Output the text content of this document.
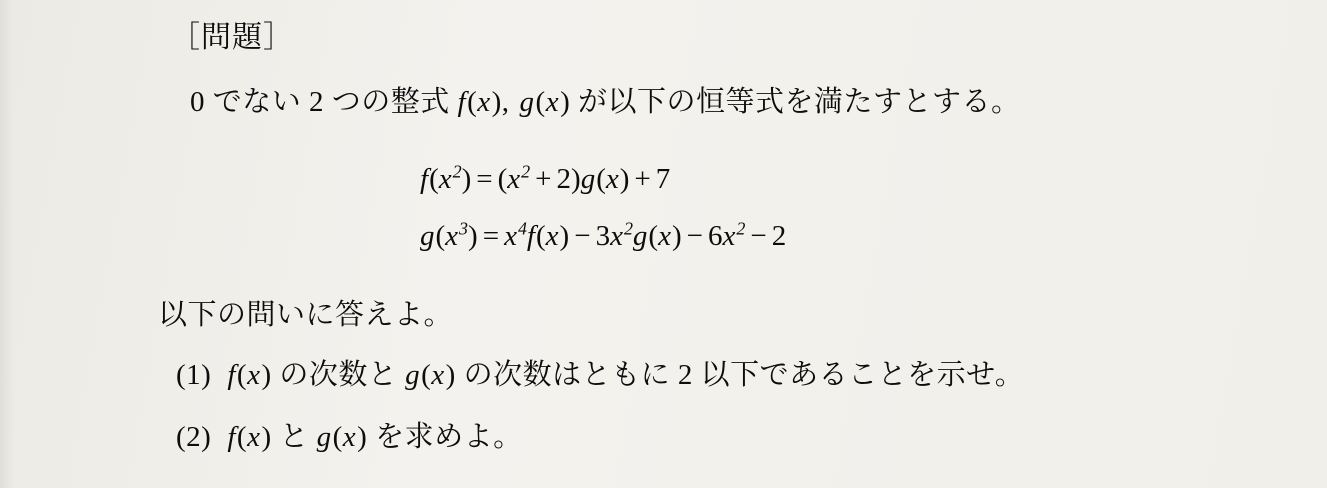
［問題］
0 でない 2 つの整式 f(x), g(x) が以下の恒等式を満たすとする。
$f(x^2) = (x^2 + 2)g(x) + 7$
$g(x^3) = x^4f(x) - 3x^2g(x) - 6x^2 - 2$
以下の問いに答えよ。
(1) f(x) の次数と g(x) の次数はともに 2 以下であることを示せ。
(2) f(x) と g(x) を求めよ。
